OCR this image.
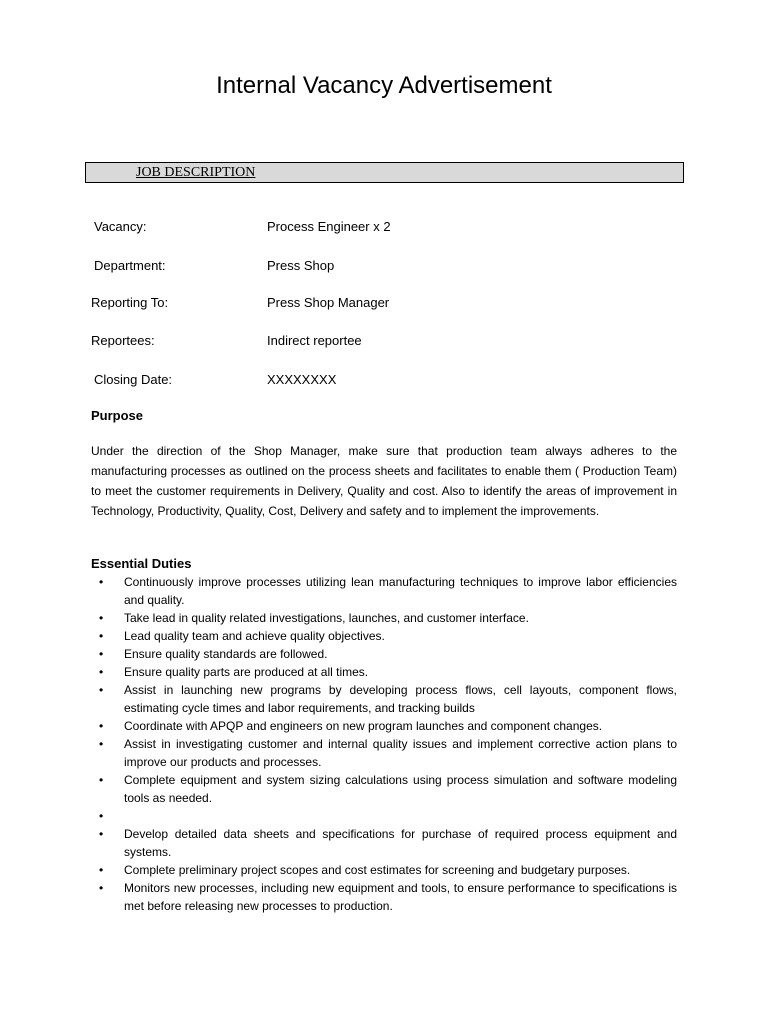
Internal Vacancy Advertisement
JOB DESCRIPTION
Vacancy:	Process Engineer x 2
Department:	Press Shop
Reporting To:	Press Shop Manager
Reportees:	Indirect reportee
Closing Date:	XXXXXXXX
Purpose

Under the direction of the Shop Manager, make sure that production team always adheres to the manufacturing processes as outlined on the process sheets and facilitates to enable them ( Production Team) to meet the customer requirements in Delivery, Quality and cost. Also to identify the areas of improvement in Technology, Productivity, Quality, Cost, Delivery and safety and to implement the improvements.

Essential Duties
• Continuously improve processes utilizing lean manufacturing techniques to improve labor efficiencies and quality.
• Take lead in quality related investigations, launches, and customer interface.
• Lead quality team and achieve quality objectives.
• Ensure quality standards are followed.
• Ensure quality parts are produced at all times.
• Assist in launching new programs by developing process flows, cell layouts, component flows, estimating cycle times and labor requirements, and tracking builds
• Coordinate with APQP and engineers on new program launches and component changes.
• Assist in investigating customer and internal quality issues and implement corrective action plans to improve our products and processes.
• Complete equipment and system sizing calculations using process simulation and software modeling tools as needed.
•
• Develop detailed data sheets and specifications for purchase of required process equipment and systems.
• Complete preliminary project scopes and cost estimates for screening and budgetary purposes.
• Monitors new processes, including new equipment and tools, to ensure performance to specifications is met before releasing new processes to production.
